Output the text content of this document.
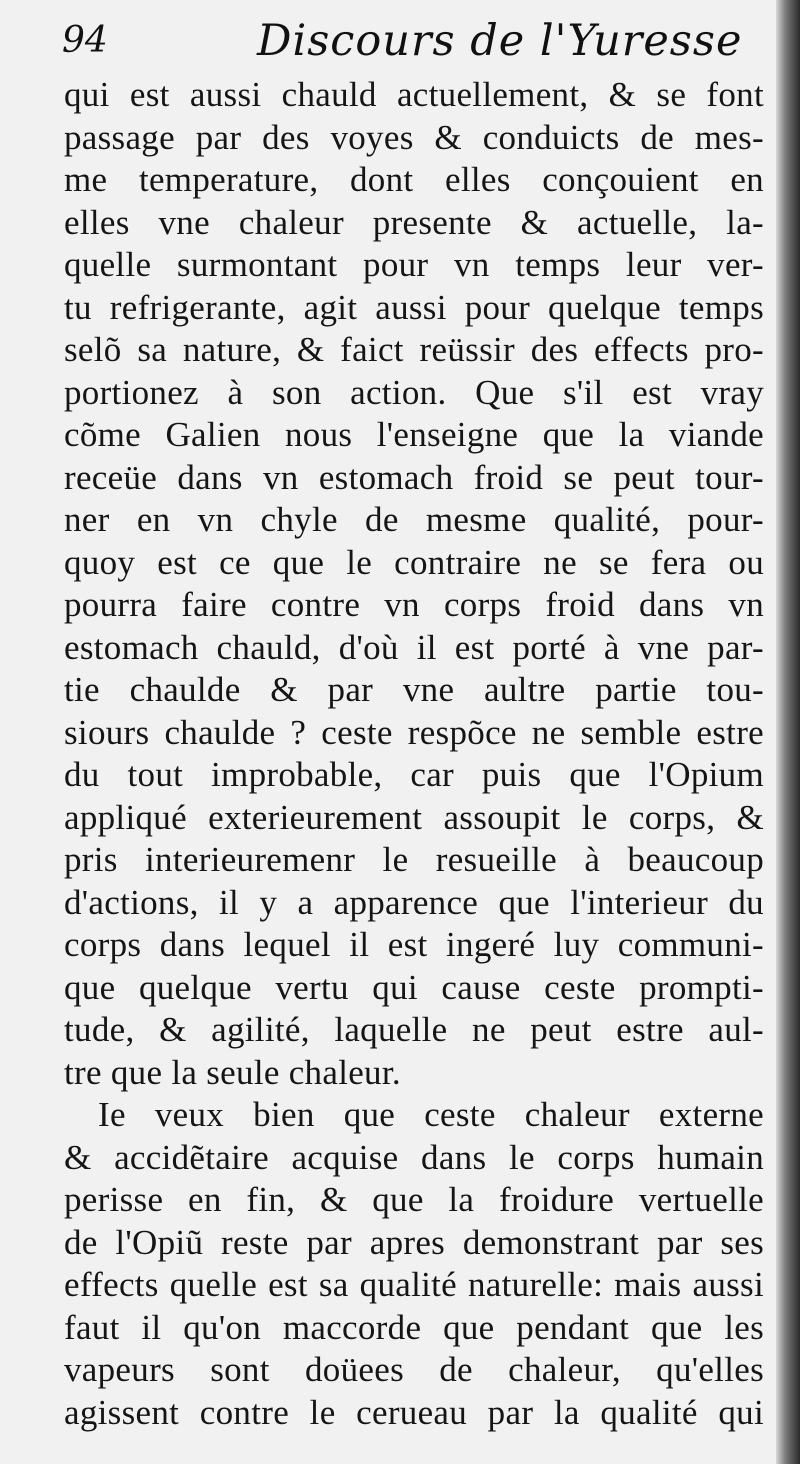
94	Discours de l'Yuresse
qui est aussi chauld actuellement, & se font
passage par des voyes & conduicts de mes-
me temperature, dont elles conçouient en
elles vne chaleur presente & actuelle, la-
quelle surmontant pour vn temps leur ver-
tu refrigerante, agit aussi pour quelque temps
selõ sa nature, & faict reüssir des effects pro-
portionez à son action. Que s'il est vray
cõme Galien nous l'enseigne que la viande
receüe dans vn estomach froid se peut tour-
ner en vn chyle de mesme qualité, pour-
quoy est ce que le contraire ne se fera ou
pourra faire contre vn corps froid dans vn
estomach chauld, d'où il est porté à vne par-
tie chaulde & par vne aultre partie tou-
siours chaulde ? ceste respõce ne semble estre
du tout improbable, car puis que l'Opium
appliqué exterieurement assoupit le corps, &
pris interieuremenr le resueille à beaucoup
d'actions, il y a apparence que l'interieur du
corps dans lequel il est ingeré luy communi-
que quelque vertu qui cause ceste prompti-
tude, & agilité, laquelle ne peut estre aul-
tre que la seule chaleur.
Ie veux bien que ceste chaleur externe
& accidẽtaire acquise dans le corps humain
perisse en fin, & que la froidure vertuelle
de l'Opiũ reste par apres demonstrant par ses
effects quelle est sa qualité naturelle: mais aussi
faut il qu'on maccorde que pendant que les
vapeurs sont doüees de chaleur, qu'elles
agissent contre le cerueau par la qualité qui
